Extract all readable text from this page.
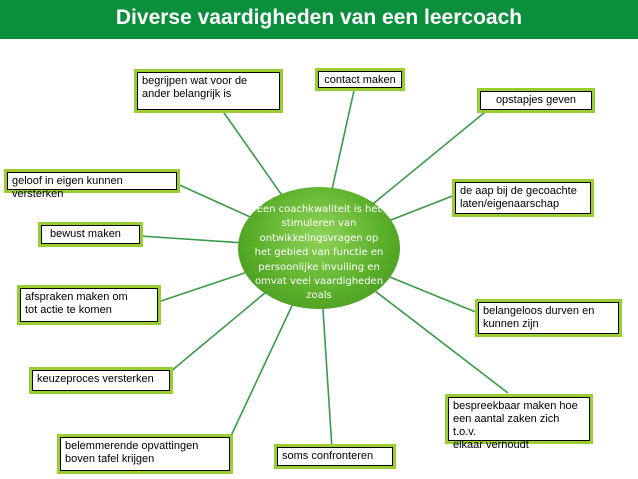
Diverse vaardigheden van een leercoach
Een coachkwaliteit is het stimuleren van ontwikkelingsvragen op het gebied van functie en persoonlijke invulling en omvat veel vaardigheden zoals
begrijpen wat voor de
ander belangrijk is
contact maken
opstapjes geven
geloof in eigen kunnen versterken	de aap bij de gecoachte
laten/eigenaarschap
bewust maken
afspraken maken om
tot actie te komen	belangeloos durven en
kunnen zijn
keuzeproces versterken
bespreekbaar maken hoe
een aantal zaken zich t.o.v.
elkaar verhoudt
belemmerende opvattingen
boven tafel krijgen	soms confronteren
